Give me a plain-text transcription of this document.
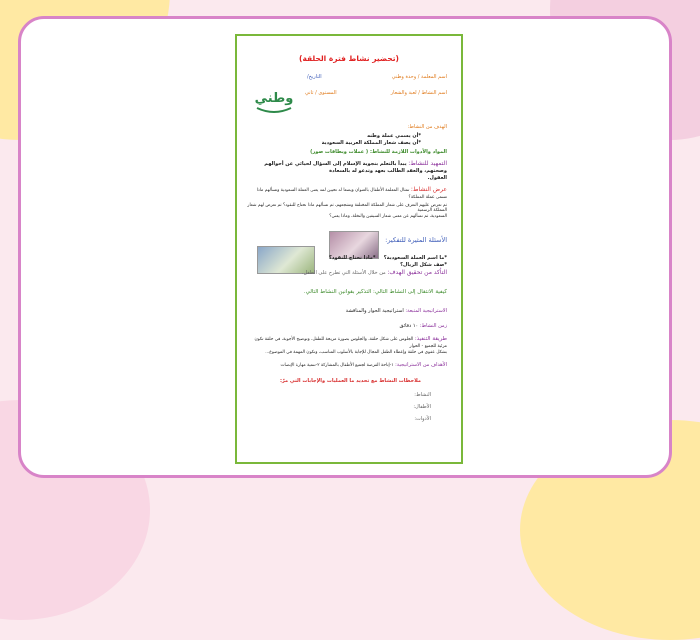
(تحضير نشاط فترة الحلقة)
اسم المعلمة / وحدة وطني
التاريخ/
اسم النشاط / لعبة والشعار
المستوى / ثاني
وطني
الهدف من النشاط:
*أن يسمي عملة وطنه
*أن يصف شعار المملكة العربية السعودية
المواد والأدوات اللازمة للنشاط: ( عملات وبطاقات صور)
التمهيد للنشاط: يبدأ بالتعلم بنجوية الإسلام إلى السؤال لحيائي عن أحوالهم وصحتهم، والعقد الطالب بعهد وتدعو له بالسعادة
العقول.
عرض النشاط: تمثال المعلمة الأطفال بالعنوان ويضعا له تحيين لمه يعنى العملة السعودية وتسألهم ماذا تسمى عملة المملكة؟
ثم تعرض عليهم التعرف على شعار المملكة المختلفة وتشجعهم، ثم تسألهم ماذا نحتاج للنقود؟ ثم تعرض لهم شعار المملكة الرسمية
السعودية، ثم تسألهم عن معنى شعار السيفين والنخلة، وماذا يعني؟
الأسئلة المثيرة للتفكير:
*ما اسم العملة السعودية؟
*ماذا نحتاج للنقود؟
*صف شكل الريال؟
التأكد من تحقيق الهدف: من خلال الأسئلة التي تطرح على الطفل.
كيفية الانتقال إلى النشاط التالي: التذكير بقوانين النشاط التالي.
الاستراتيجية المتبعة: استراتيجية الحوار والمناقشة
زمن النشاط: ١٠ دقائق
طريقة التنفيذ: الجلوس على شكل حلقة، والجلوس بصورة مريحة للطفل، وتوضيح الأجوبة، في حلقة تكون مرئية للجميع - الحوار
بشكل عفوي في حلقة وإعطاء الطفل المجال للإجابة بالأسلوب المناسب، وتكون المهمة في الموضوع...
الأهداف من الاستراتيجية: ١-إتاحة الفرصة لجميع الأطفال بالمشاركة ٢-تنمية مهارة الإنصات
ملاحظات النشاط مع تحديد ما العمليات والإجابات التي مرّ:
النشاط:
الأطفال:
الأدوات:
